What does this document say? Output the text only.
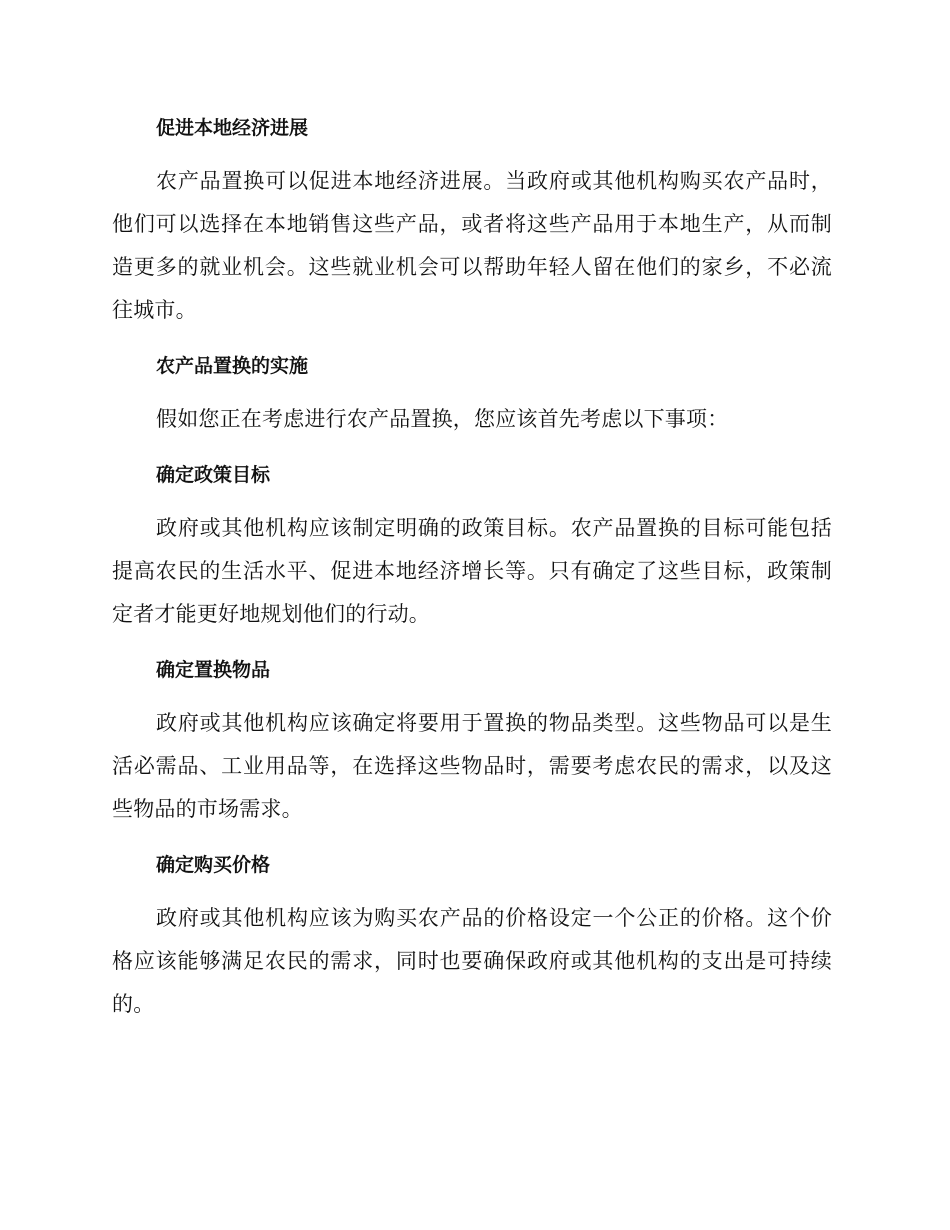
促进本地经济进展

农产品置换可以促进本地经济进展。当政府或其他机构购买农产品时，他们可以选择在本地销售这些产品，或者将这些产品用于本地生产，从而制造更多的就业机会。这些就业机会可以帮助年轻人留在他们的家乡，不必流往城市。

农产品置换的实施

假如您正在考虑进行农产品置换，您应该首先考虑以下事项：

确定政策目标

政府或其他机构应该制定明确的政策目标。农产品置换的目标可能包括提高农民的生活水平、促进本地经济增长等。只有确定了这些目标，政策制定者才能更好地规划他们的行动。

确定置换物品

政府或其他机构应该确定将要用于置换的物品类型。这些物品可以是生活必需品、工业用品等，在选择这些物品时，需要考虑农民的需求，以及这些物品的市场需求。

确定购买价格

政府或其他机构应该为购买农产品的价格设定一个公正的价格。这个价格应该能够满足农民的需求，同时也要确保政府或其他机构的支出是可持续的。
